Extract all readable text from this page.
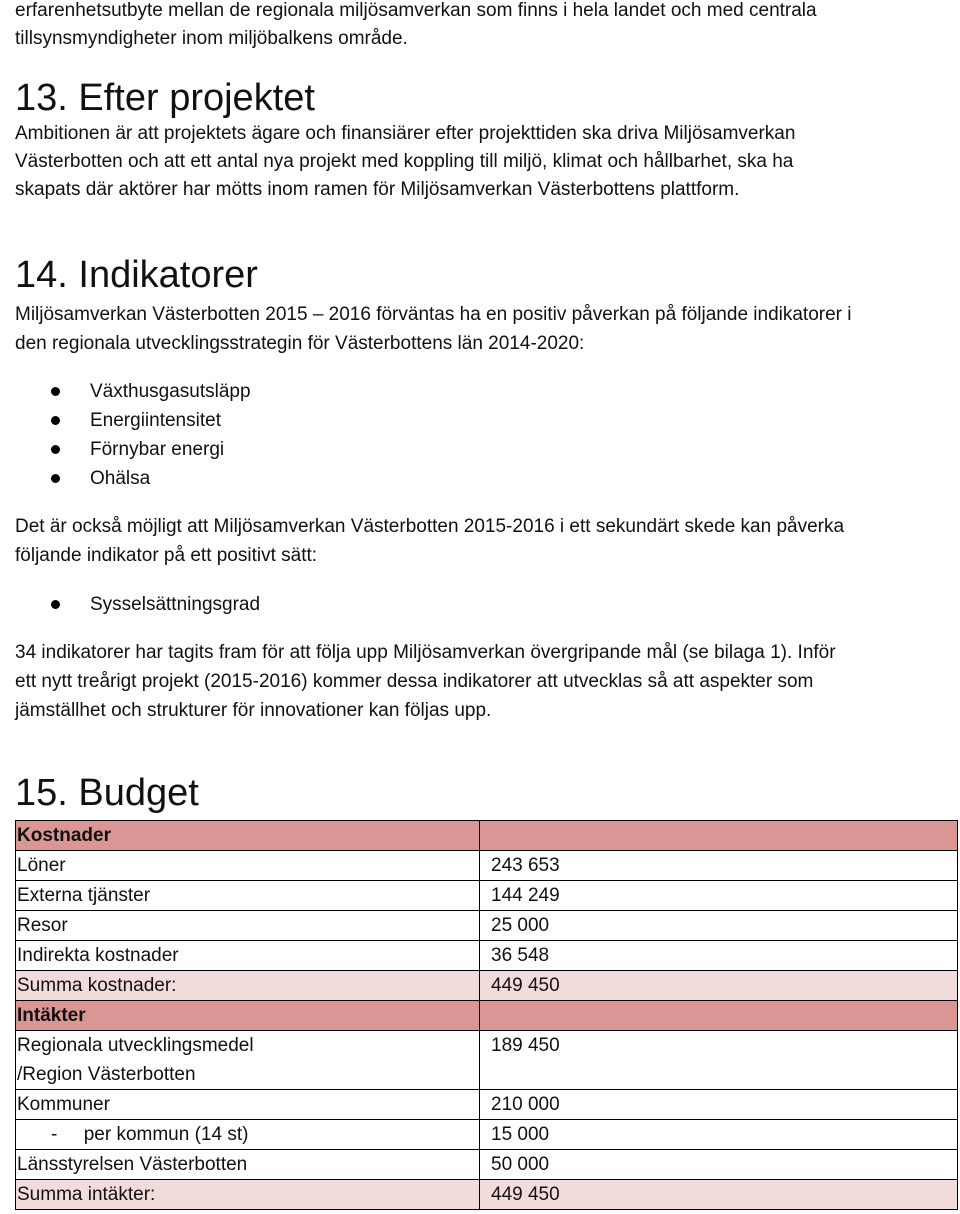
erfarenhetsutbyte mellan de regionala miljösamverkan som finns i hela landet och med centrala

tillsynsmyndigheter inom miljöbalkens område.

13. Efter projektet

Ambitionen är att projektets ägare och finansiärer efter projekttiden ska driva Miljösamverkan

Västerbotten och att ett antal nya projekt med koppling till miljö, klimat och hållbarhet, ska ha

skapats där aktörer har mötts inom ramen för Miljösamverkan Västerbottens plattform.

14. Indikatorer

Miljösamverkan Västerbotten 2015 – 2016 förväntas ha en positiv påverkan på följande indikatorer i

den regionala utvecklingsstrategin för Västerbottens län 2014-2020:

Växthusgasutsläpp
Energiintensitet
Förnybar energi
Ohälsa

Det är också möjligt att Miljösamverkan Västerbotten 2015-2016 i ett sekundärt skede kan påverka

följande indikator på ett positivt sätt:

Sysselsättningsgrad

34 indikatorer har tagits fram för att följa upp Miljösamverkan övergripande mål (se bilaga 1). Inför

ett nytt treårigt projekt (2015-2016) kommer dessa indikatorer att utvecklas så att aspekter som

jämställhet och strukturer för innovationer kan följas upp.

15. Budget
Kostnader	
Löner	243 653
Externa tjänster	144 249
Resor	25 000
Indirekta kostnader	36 548
Summa kostnader:	449 450
Intäkter	

Regionala utvecklingsmedel
/Region Västerbotten	189 450
Kommuner	210 000
-     per kommun (14 st)	15 000
Länsstyrelsen Västerbotten	50 000
Summa intäkter:	449 450
